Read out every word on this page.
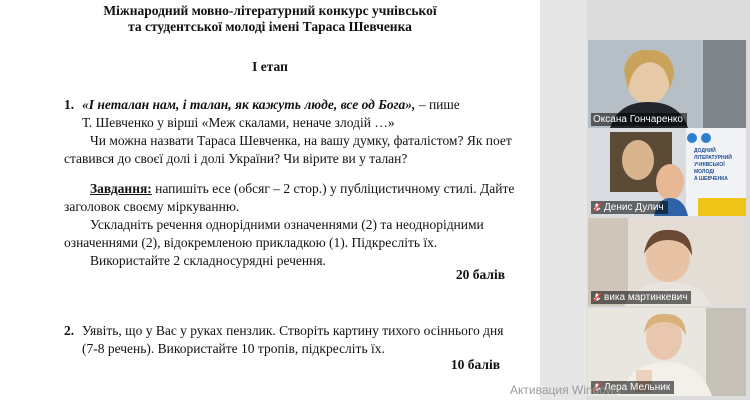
Міжнародний мовно-літературний конкурс учнівської
та студентської молоді імені Тараса Шевченка
І етап
1. «І неталан нам, і талан, як кажуть люде, все од Бога», – пише
Т. Шевченко у вірші «Меж скалами, неначе злодій …»
Чи можна назвати Тараса Шевченка, на вашу думку, фаталістом? Як поет
ставився до своєї долі і долі України? Чи вірите ви у талан?
Завдання: напишіть есе (обсяг – 2 стор.) у публіцистичному стилі. Дайте
заголовок своєму міркуванню.
Ускладніть речення однорідними означеннями (2) та неоднорідними
означеннями (2), відокремленою прикладкою (1). Підкресліть їх.
Використайте 2 складносурядні речення.
20 балів
2. Уявіть, що у Вас у руках пензлик. Створіть картину тихого осіннього дня
(7-8 речень). Використайте 10 тропів, підкресліть їх.
10 балів
Оксана Гончаренко
ДОДНИЙ
ЛІТЕРАТУРНИЙ
УЧНІВСЬКОЇ
МОЛОДІ
А ШЕВЧЕНКА
Денис Дулич
вика мартинкевич
Лера Мельник
Активация Windows
